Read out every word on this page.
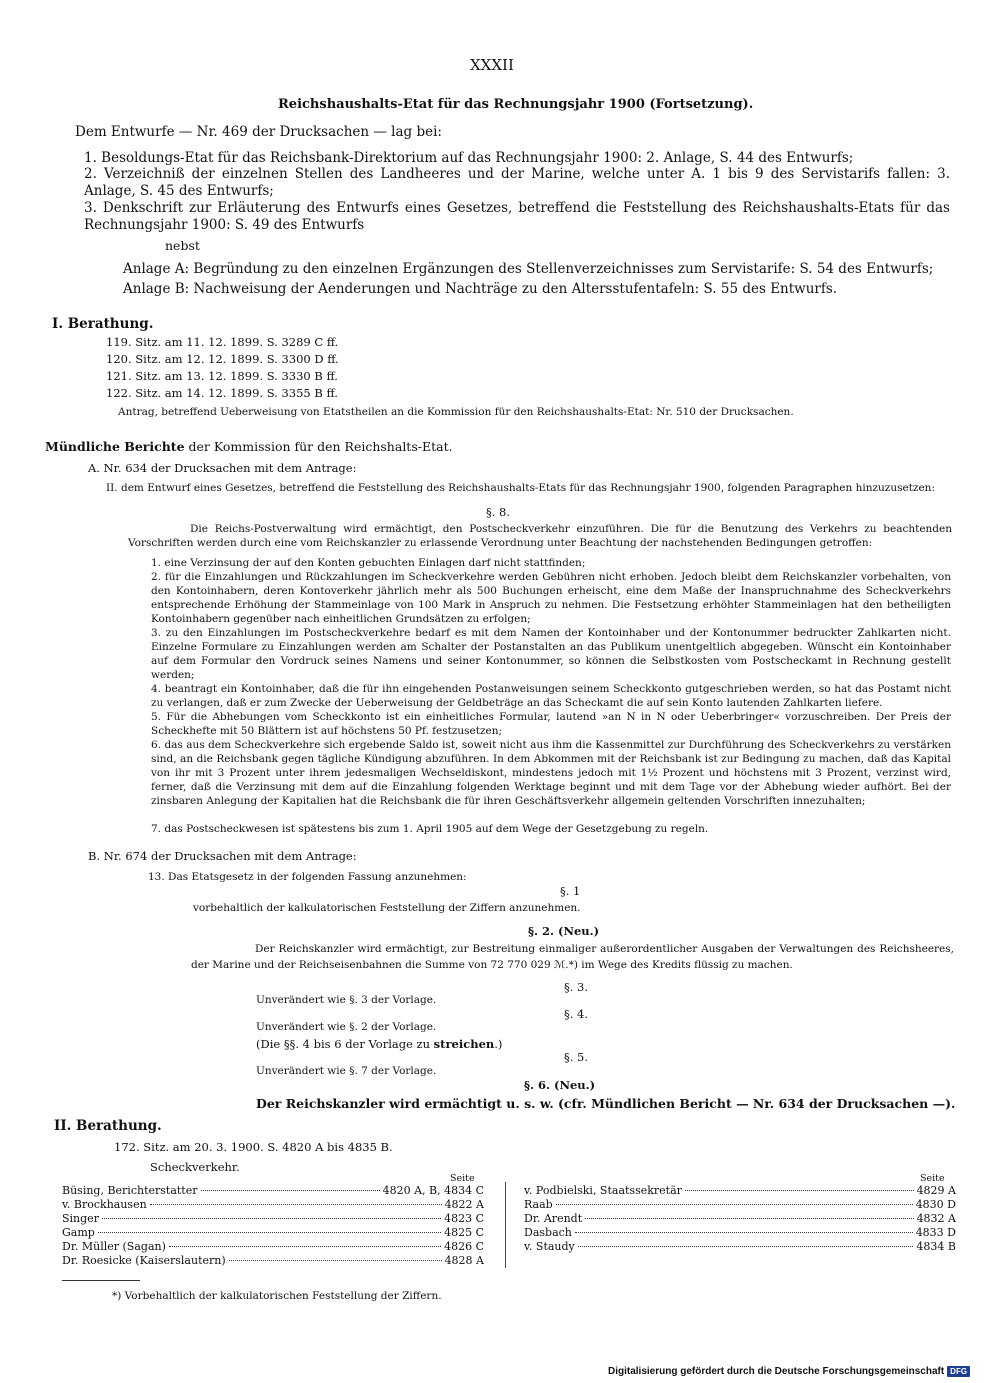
XXXII
Reichshaushalts-Etat für das Rechnungsjahr 1900 (Fortsetzung).
Dem Entwurfe — Nr. 469 der Drucksachen — lag bei:
1. Besoldungs-Etat für das Reichsbank-Direktorium auf das Rechnungsjahr 1900: 2. Anlage, S. 44 des Entwurfs;
2. Verzeichniß der einzelnen Stellen des Landheeres und der Marine, welche unter A. 1 bis 9 des Servistarifs fallen: 3. Anlage, S. 45 des Entwurfs;
3. Denkschrift zur Erläuterung des Entwurfs eines Gesetzes, betreffend die Feststellung des Reichshaushalts-Etats für das Rechnungsjahr 1900: S. 49 des Entwurfs
nebst
Anlage A: Begründung zu den einzelnen Ergänzungen des Stellenverzeichnisses zum Servistarife: S. 54 des Entwurfs;
Anlage B: Nachweisung der Aenderungen und Nachträge zu den Altersstufentafeln: S. 55 des Entwurfs.
I. Berathung.
119. Sitz. am 11. 12. 1899. S. 3289 C ff.
120. Sitz. am 12. 12. 1899. S. 3300 D ff.
121. Sitz. am 13. 12. 1899. S. 3330 B ff.
122. Sitz. am 14. 12. 1899. S. 3355 B ff.
Antrag, betreffend Ueberweisung von Etatstheilen an die Kommission für den Reichshaushalts-Etat: Nr. 510 der Drucksachen.
Mündliche Berichte der Kommission für den Reichshalts-Etat.
A. Nr. 634 der Drucksachen mit dem Antrage:
II. dem Entwurf eines Gesetzes, betreffend die Feststellung des Reichshaushalts-Etats für das Rechnungsjahr 1900, folgenden Paragraphen hinzuzusetzen:
§. 8.
Die Reichs-Postverwaltung wird ermächtigt, den Postscheckverkehr einzuführen. Die für die Benutzung des Verkehrs zu beachtenden Vorschriften werden durch eine vom Reichskanzler zu erlassende Verordnung unter Beachtung der nachstehenden Bedingungen getroffen:
1. eine Verzinsung der auf den Konten gebuchten Einlagen darf nicht stattfinden;
2. für die Einzahlungen und Rückzahlungen im Scheckverkehre werden Gebühren nicht erhoben. Jedoch bleibt dem Reichskanzler vorbehalten, von den Kontoinhabern, deren Kontoverkehr jährlich mehr als 500 Buchungen erheischt, eine dem Maße der Inanspruchnahme des Scheckverkehrs entsprechende Erhöhung der Stammeinlage von 100 Mark in Anspruch zu nehmen. Die Festsetzung erhöhter Stammeinlagen hat den betheiligten Kontoinhabern gegenüber nach einheitlichen Grundsätzen zu erfolgen;
3. zu den Einzahlungen im Postscheckverkehre bedarf es mit dem Namen der Kontoinhaber und der Kontonummer bedruckter Zahlkarten nicht. Einzelne Formulare zu Einzahlungen werden am Schalter der Postanstalten an das Publikum unentgeltlich abgegeben. Wünscht ein Kontoinhaber auf dem Formular den Vordruck seines Namens und seiner Kontonummer, so können die Selbstkosten vom Postscheckamt in Rechnung gestellt werden;
4. beantragt ein Kontoinhaber, daß die für ihn eingehenden Postanweisungen seinem Scheckkonto gutgeschrieben werden, so hat das Postamt nicht zu verlangen, daß er zum Zwecke der Ueberweisung der Geldbeträge an das Scheckamt die auf sein Konto lautenden Zahlkarten liefere.
5. Für die Abhebungen vom Scheckkonto ist ein einheitliches Formular, lautend »an N in N oder Ueberbringer« vorzuschreiben. Der Preis der Scheckhefte mit 50 Blättern ist auf höchstens 50 Pf. festzusetzen;
6. das aus dem Scheckverkehre sich ergebende Saldo ist, soweit nicht aus ihm die Kassenmittel zur Durchführung des Scheckverkehrs zu verstärken sind, an die Reichsbank gegen tägliche Kündigung abzuführen. In dem Abkommen mit der Reichsbank ist zur Bedingung zu machen, daß das Kapital von ihr mit 3 Prozent unter ihrem jedesmaligen Wechseldiskont, mindestens jedoch mit 1½ Prozent und höchstens mit 3 Prozent, verzinst wird, ferner, daß die Verzinsung mit dem auf die Einzahlung folgenden Werktage beginnt und mit dem Tage vor der Abhebung wieder aufhört. Bei der zinsbaren Anlegung der Kapitalien hat die Reichsbank die für ihren Geschäftsverkehr allgemein geltenden Vorschriften innezuhalten;
7. das Postscheckwesen ist spätestens bis zum 1. April 1905 auf dem Wege der Gesetzgebung zu regeln.
B. Nr. 674 der Drucksachen mit dem Antrage:
13. Das Etatsgesetz in der folgenden Fassung anzunehmen:
§. 1
vorbehaltlich der kalkulatorischen Feststellung der Ziffern anzunehmen.
§. 2. (Neu.)
Der Reichskanzler wird ermächtigt, zur Bestreitung einmaliger außerordentlicher Ausgaben der Verwaltungen des Reichsheeres, der Marine und der Reichseisenbahnen die Summe von 72 770 029 ℳ.*) im Wege des Kredits flüssig zu machen.
§. 3.
Unverändert wie §. 3 der Vorlage.
§. 4.
Unverändert wie §. 2 der Vorlage.
(Die §§. 4 bis 6 der Vorlage zu streichen.)
§. 5.
Unverändert wie §. 7 der Vorlage.
§. 6. (Neu.)
Der Reichskanzler wird ermächtigt u. s. w. (cfr. Mündlichen Bericht — Nr. 634 der Drucksachen —).
II. Berathung.
172. Sitz. am 20. 3. 1900. S. 4820 A bis 4835 B.
Scheckverkehr.
Seite	Seite
Büsing, Berichterstatter	4820 A, B, 4834 C
v. Brockhausen	4822 A
Singer	4823 C
Gamp	4825 C
Dr. Müller (Sagan)	4826 C
Dr. Roesicke (Kaiserslautern)	4828 A
v. Podbielski, Staatssekretär	4829 A
Raab	4830 D
Dr. Arendt	4832 A
Dasbach	4833 D
v. Staudy	4834 B
*) Vorbehaltlich der kalkulatorischen Feststellung der Ziffern.
Digitalisierung gefördert durch die Deutsche Forschungsgemeinschaft DFG
